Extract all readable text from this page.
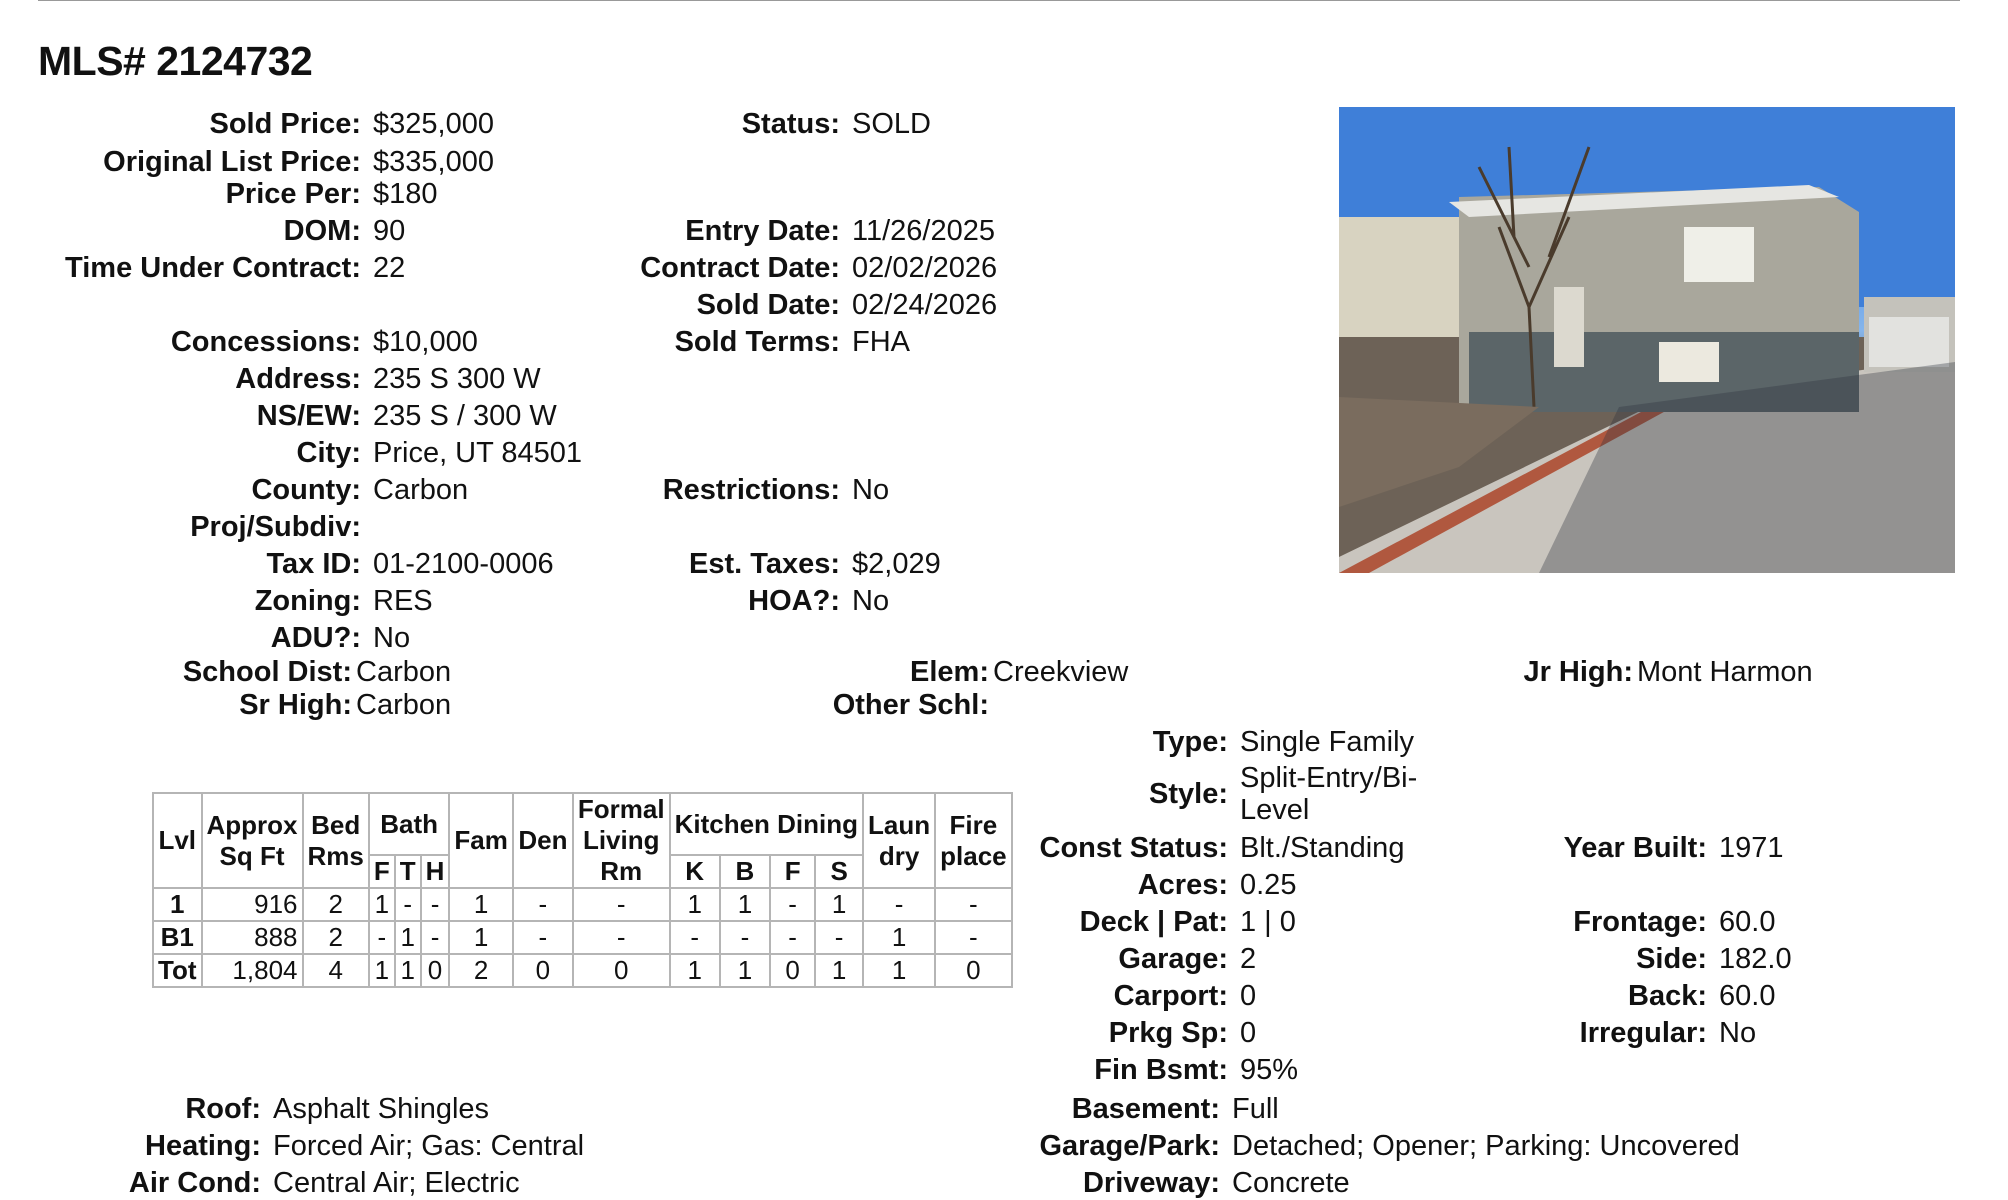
MLS# 2124732
Sold Price: $325,000
Original List Price: $335,000
Price Per: $180
DOM: 90
Time Under Contract: 22
Concessions: $10,000
Address: 235 S 300 W
NS/EW: 235 S / 300 W
City: Price, UT 84501
County: Carbon
Proj/Subdiv:
Tax ID: 01-2100-0006
Zoning: RES
ADU?: No
Status: SOLD
Entry Date: 11/26/2025
Contract Date: 02/02/2026
Sold Date: 02/24/2026
Sold Terms: FHA
Restrictions: No
Est. Taxes: $2,029
HOA?: No
School Dist: Carbon
Sr High: Carbon
Elem: Creekview
Other Schl:
Jr High: Mont Harmon
Type: Single Family
Style: Split-Entry/Bi-
Level
Const Status: Blt./Standing
Acres: 0.25
Deck | Pat: 1 | 0
Garage: 2
Carport: 0
Prkg Sp: 0
Fin Bsmt: 95%
Basement: Full
Garage/Park: Detached; Opener; Parking: Uncovered
Driveway: Concrete
Year Built: 1971
Frontage: 60.0
Side: 182.0
Back: 60.0
Irregular: No
Roof: Asphalt Shingles
Heating: Forced Air; Gas: Central
Air Cond: Central Air; Electric
Lvl	Approx Sq Ft	Bed Rms	Bath			Fam	Den	Formal Living Rm	Kitchen Dining				Laun dry	Fire place
			F	T	H				K	B	F	S		
1	916	2	1	-	-	1	-	-	1	1	-	1	-	-
B1	888	2	-	1	-	1	-	-	-	-	-	-	1	-
Tot	1,804	4	1	1	0	2	0	0	1	1	0	1	1	0
